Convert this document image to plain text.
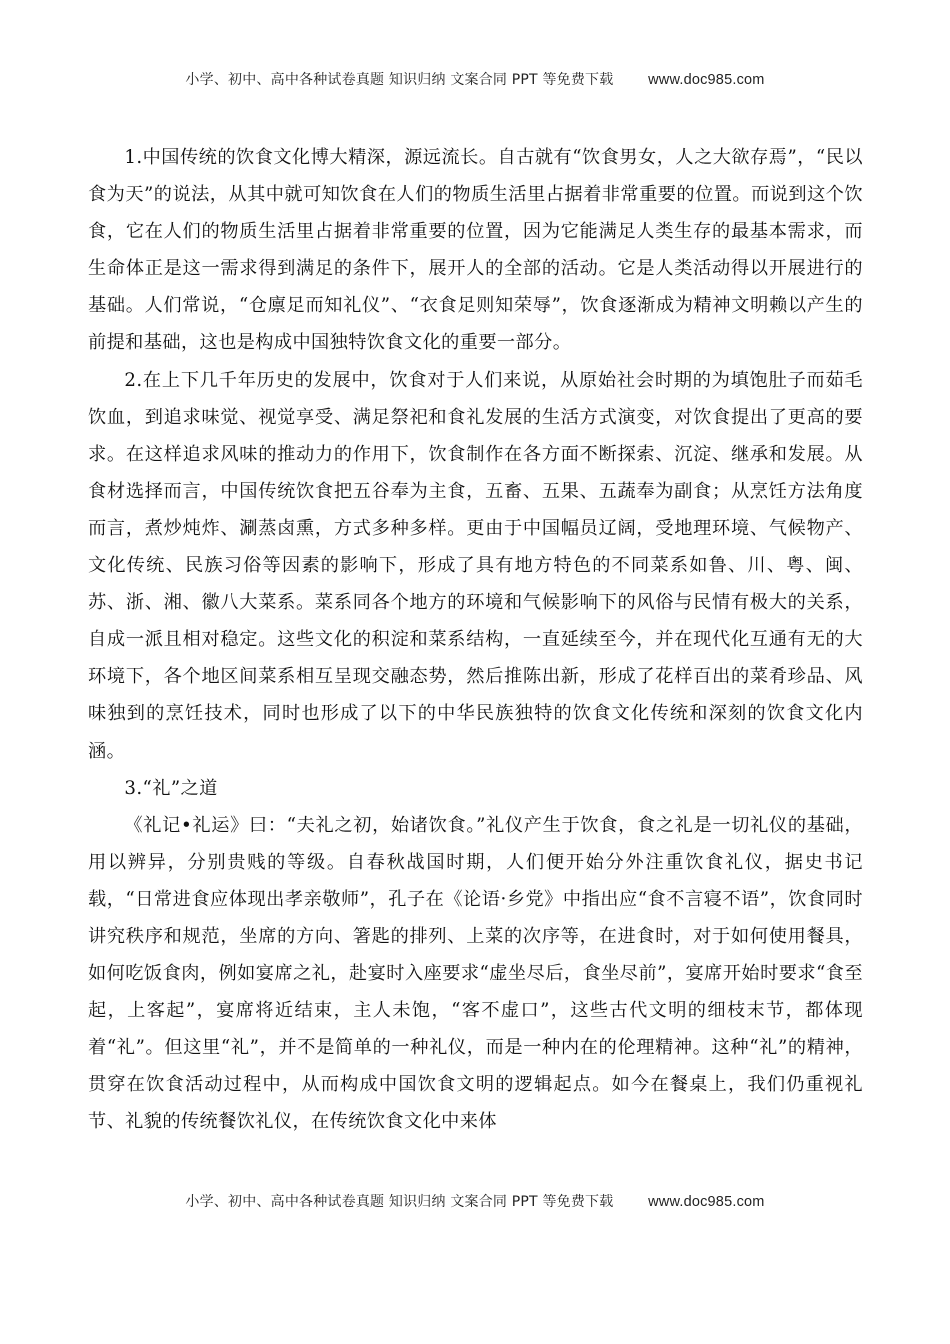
小学、初中、高中各种试卷真题 知识归纳 文案合同 PPT 等免费下载 www.doc985.com

1.中国传统的饮食文化博大精深，源远流长。自古就有“饮食男女，人之大欲存焉”，“民以食为天”的说法，从其中就可知饮食在人们的物质生活里占据着非常重要的位置。而说到这个饮食，它在人们的物质生活里占据着非常重要的位置，因为它能满足人类生存的最基本需求，而生命体正是这一需求得到满足的条件下，展开人的全部的活动。它是人类活动得以开展进行的基础。人们常说，“仓廪足而知礼仪”、“衣食足则知荣辱”，饮食逐渐成为精神文明赖以产生的前提和基础，这也是构成中国独特饮食文化的重要一部分。

2.在上下几千年历史的发展中，饮食对于人们来说，从原始社会时期的为填饱肚子而茹毛饮血，到追求味觉、视觉享受、满足祭祀和食礼发展的生活方式演变，对饮食提出了更高的要求。在这样追求风味的推动力的作用下，饮食制作在各方面不断探索、沉淀、继承和发展。从食材选择而言，中国传统饮食把五谷奉为主食，五畜、五果、五蔬奉为副食；从烹饪方法角度而言，煮炒炖炸、涮蒸卤熏，方式多种多样。更由于中国幅员辽阔，受地理环境、气候物产、文化传统、民族习俗等因素的影响下，形成了具有地方特色的不同菜系如鲁、川、粤、闽、苏、浙、湘、徽八大菜系。菜系同各个地方的环境和气候影响下的风俗与民情有极大的关系，自成一派且相对稳定。这些文化的积淀和菜系结构，一直延续至今，并在现代化互通有无的大环境下，各个地区间菜系相互呈现交融态势，然后推陈出新，形成了花样百出的菜肴珍品、风味独到的烹饪技术，同时也形成了以下的中华民族独特的饮食文化传统和深刻的饮食文化内涵。

3.“礼”之道

《礼记•礼运》曰：“夫礼之初，始诸饮食。”礼仪产生于饮食，食之礼是一切礼仪的基础，用以辨异，分别贵贱的等级。自春秋战国时期，人们便开始分外注重饮食礼仪，据史书记载，“日常进食应体现出孝亲敬师”，孔子在《论语·乡党》中指出应“食不言寝不语”，饮食同时讲究秩序和规范，坐席的方向、箸匙的排列、上菜的次序等，在进食时，对于如何使用餐具，如何吃饭食肉，例如宴席之礼，赴宴时入座要求“虚坐尽后，食坐尽前”，宴席开始时要求“食至起，上客起”，宴席将近结束，主人未饱，“客不虚口”，这些古代文明的细枝末节，都体现着“礼”。但这里“礼”，并不是简单的一种礼仪，而是一种内在的伦理精神。这种“礼”的精神，贯穿在饮食活动过程中，从而构成中国饮食文明的逻辑起点。如今在餐桌上，我们仍重视礼节、礼貌的传统餐饮礼仪，在传统饮食文化中来体

小学、初中、高中各种试卷真题 知识归纳 文案合同 PPT 等免费下载 www.doc985.com
